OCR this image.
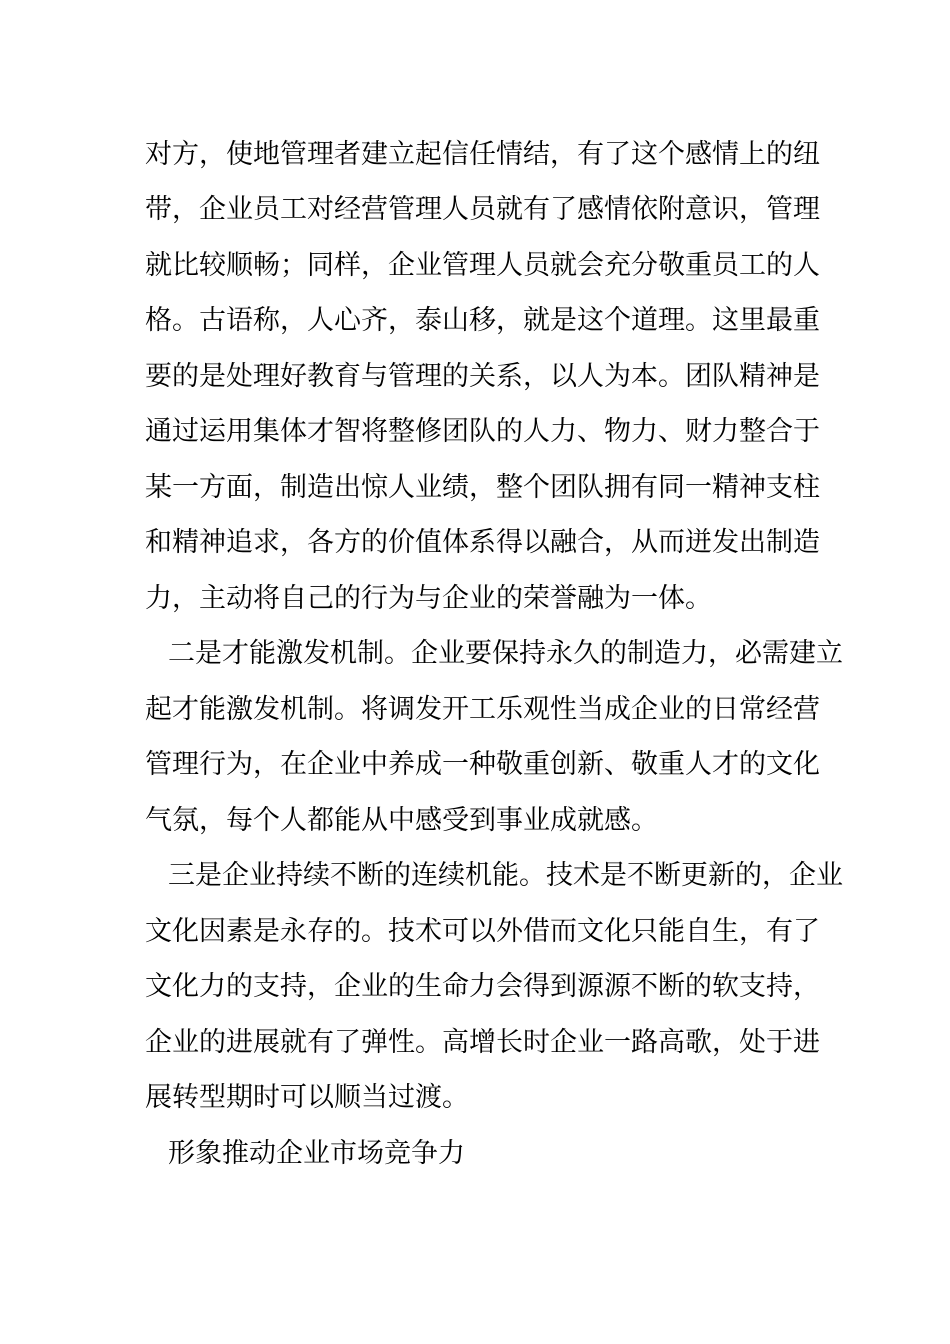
对方，使地管理者建立起信任情结，有了这个感情上的纽
带，企业员工对经营管理人员就有了感情依附意识，管理
就比较顺畅；同样，企业管理人员就会充分敬重员工的人
格。古语称，人心齐，泰山移，就是这个道理。这里最重
要的是处理好教育与管理的关系，以人为本。团队精神是
通过运用集体才智将整修团队的人力、物力、财力整合于
某一方面，制造出惊人业绩，整个团队拥有同一精神支柱
和精神追求，各方的价值体系得以融合，从而迸发出制造
力，主动将自己的行为与企业的荣誉融为一体。
二是才能激发机制。企业要保持永久的制造力，必需建立
起才能激发机制。将调发开工乐观性当成企业的日常经营
管理行为，在企业中养成一种敬重创新、敬重人才的文化
气氛，每个人都能从中感受到事业成就感。
三是企业持续不断的连续机能。技术是不断更新的，企业
文化因素是永存的。技术可以外借而文化只能自生，有了
文化力的支持，企业的生命力会得到源源不断的软支持，
企业的进展就有了弹性。高增长时企业一路高歌，处于进
展转型期时可以顺当过渡。
形象推动企业市场竞争力
